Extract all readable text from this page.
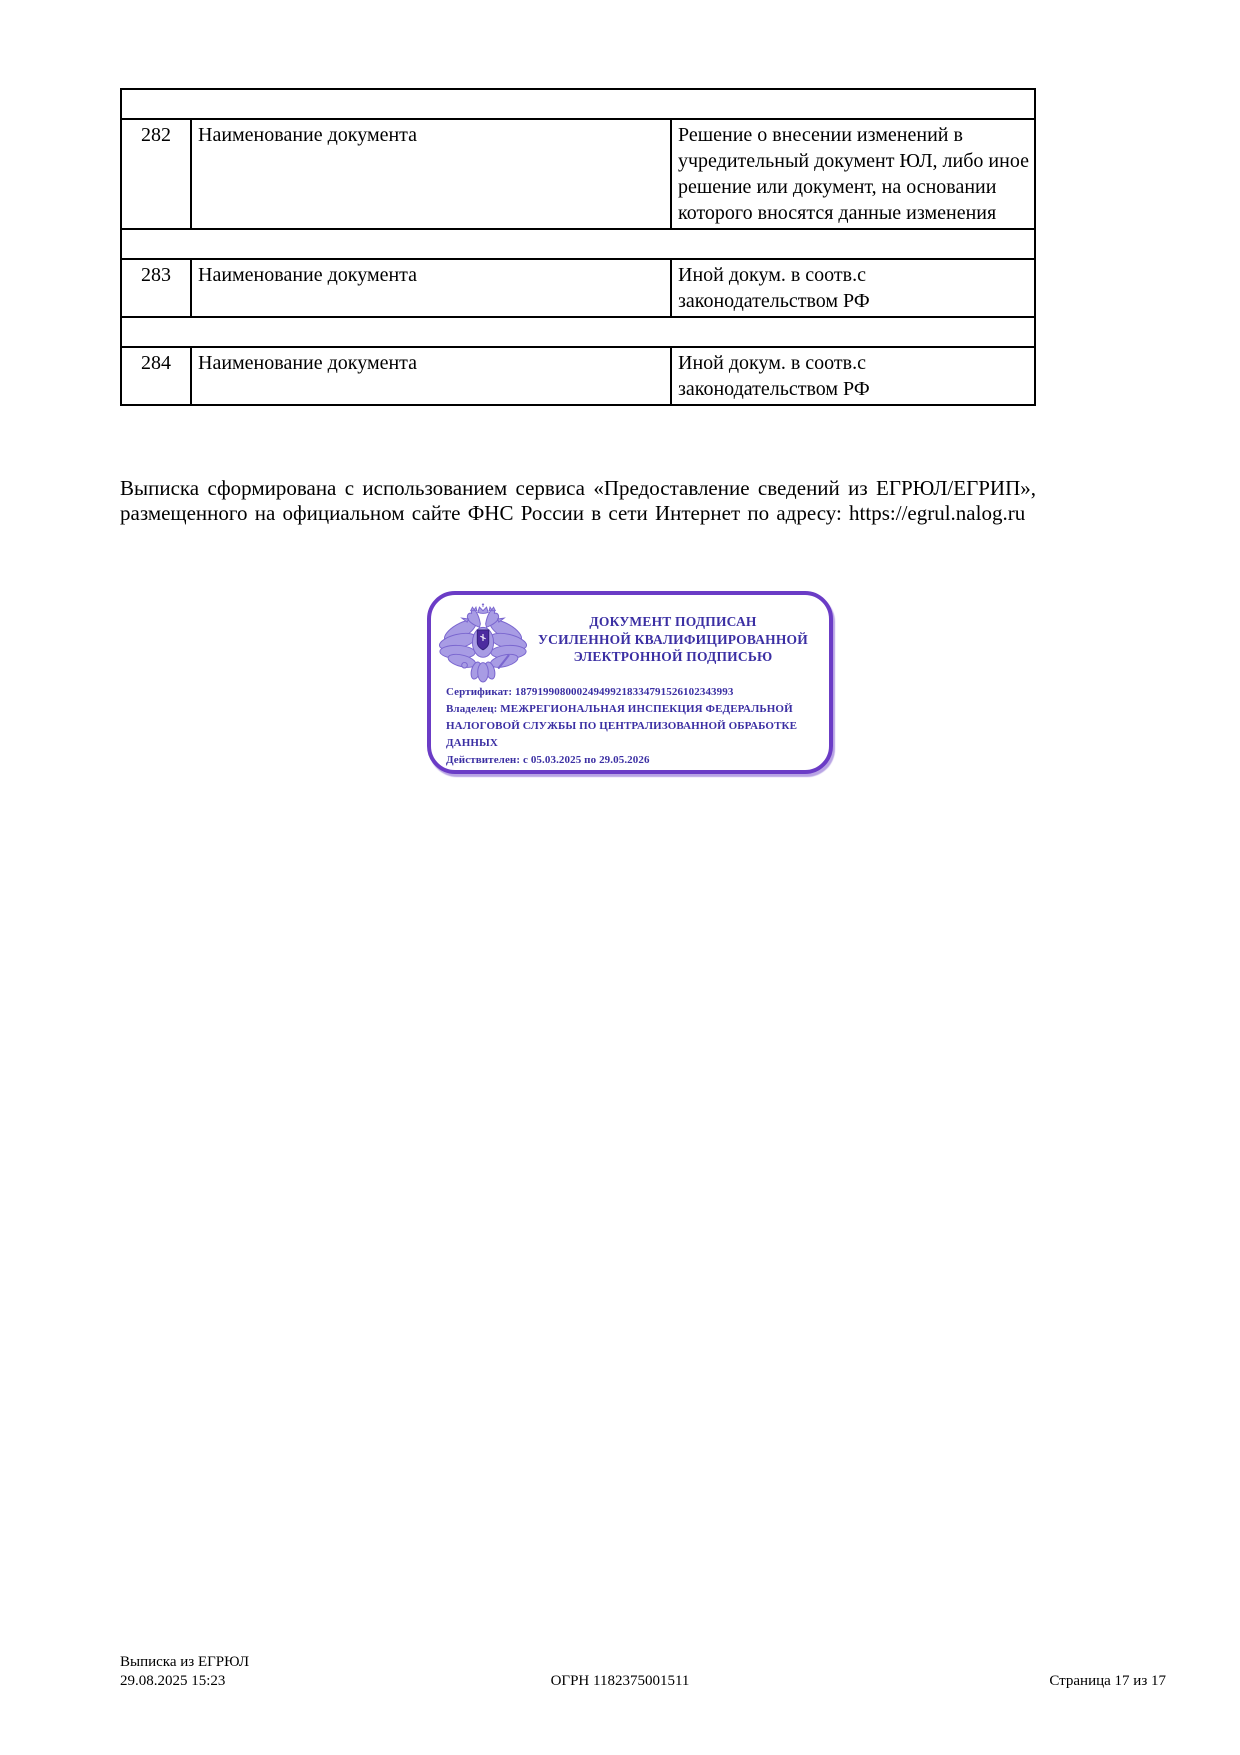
282	Наименование документа	Решение о внесении изменений в учредительный документ ЮЛ, либо иное решение или документ, на основании которого вносятся данные изменения

283	Наименование документа	Иной докум. в соотв.с законодательством РФ

284	Наименование документа	Иной докум. в соотв.с законодательством РФ

Выписка сформирована с использованием сервиса «Предоставление сведений из ЕГРЮЛ/ЕГРИП», размещенного на официальном сайте ФНС России в сети Интернет по адресу: https://egrul.nalog.ru

ДОКУМЕНТ ПОДПИСАН
УСИЛЕННОЙ КВАЛИФИЦИРОВАННОЙ
ЭЛЕКТРОННОЙ ПОДПИСЬЮ
Сертификат: 187919908000249499218334791526102343993
Владелец: МЕЖРЕГИОНАЛЬНАЯ ИНСПЕКЦИЯ ФЕДЕРАЛЬНОЙ НАЛОГОВОЙ СЛУЖБЫ ПО ЦЕНТРАЛИЗОВАННОЙ ОБРАБОТКЕ ДАННЫХ
Действителен: с 05.03.2025 по 29.05.2026
Выписка из ЕГРЮЛ
29.08.2025 15:23	ОГРН 1182375001511	Страница 17 из 17
